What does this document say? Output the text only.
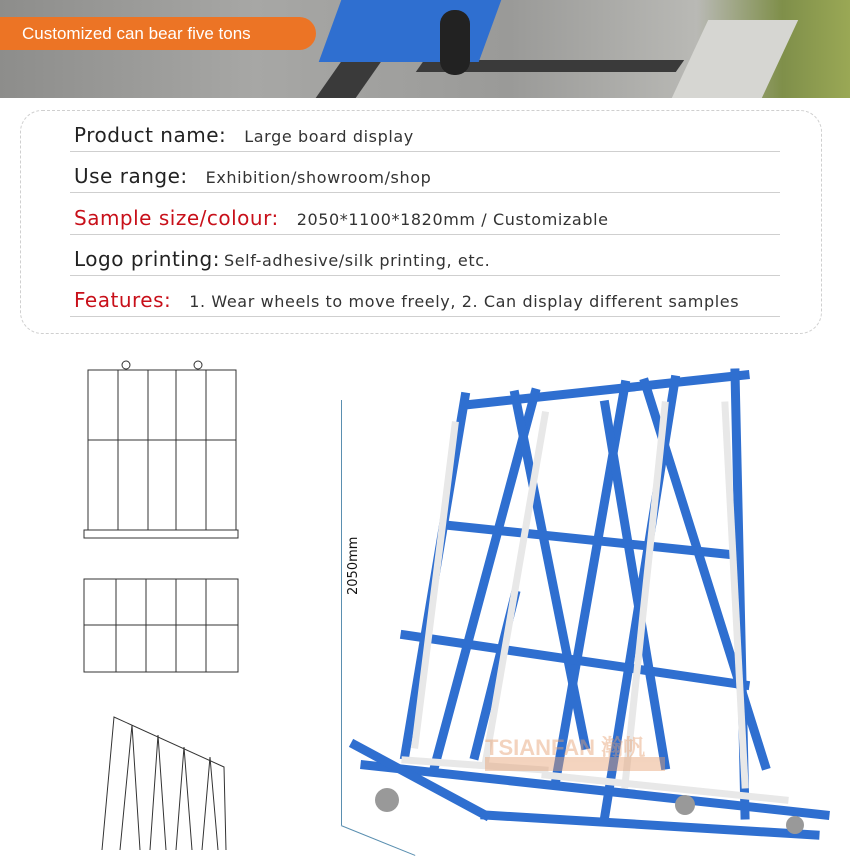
Customized can bear five tons
Product name: Large board display
Use range: Exhibition/showroom/shop
Sample size/colour: 2050*1100*1820mm / Customizable
Logo printing: Self-adhesive/silk printing, etc.
Features: 1. Wear wheels to move freely, 2. Can display different samples
2050mm
TSIANFAN 瀚帆
